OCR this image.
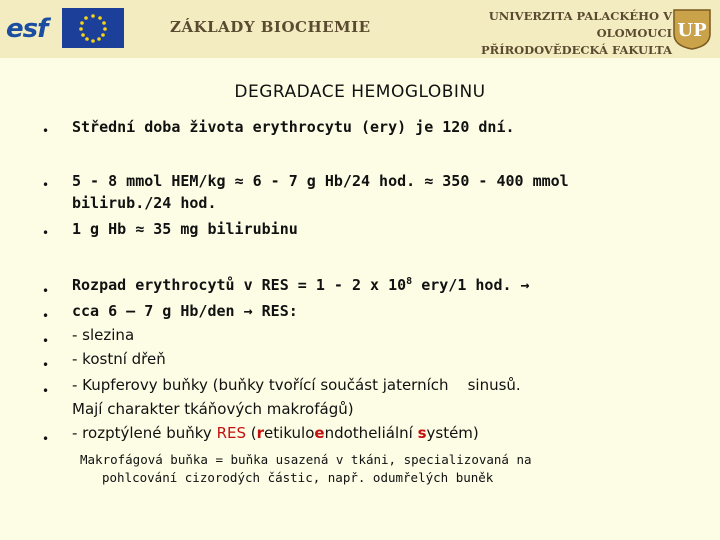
esf	ZÁKLADY BIOCHEMIE
UNIVERZITA PALACKÉHO V OLOMOUCI
PŘÍRODOVĚDECKÁ FAKULTA
UP
DEGRADACE HEMOGLOBINU
• Střední doba života erythrocytu (ery) je 120 dní.
• 5 - 8 mmol HEM/kg ≈ 6 - 7 g Hb/24 hod. ≈ 350 - 400 mmol
bilirub./24 hod.
• 1 g Hb ≈ 35 mg bilirubinu
• Rozpad erythrocytů v RES = 1 - 2 x $10^8$ ery/1 hod. →
• cca 6 – 7 g Hb/den → RES:
• - slezina
• - kostní dřeň
• - Kupferovy buňky (buňky tvořící součást jaterních    sinusů.
Mají charakter tkáňových makrofágů)
• - rozptýlené buňky RES (retikuloendotheliální systém)
Makrofágová buňka = buňka usazená v tkáni, specializovaná na
pohlcování cizorodých částic, např. odumřelých buněk
